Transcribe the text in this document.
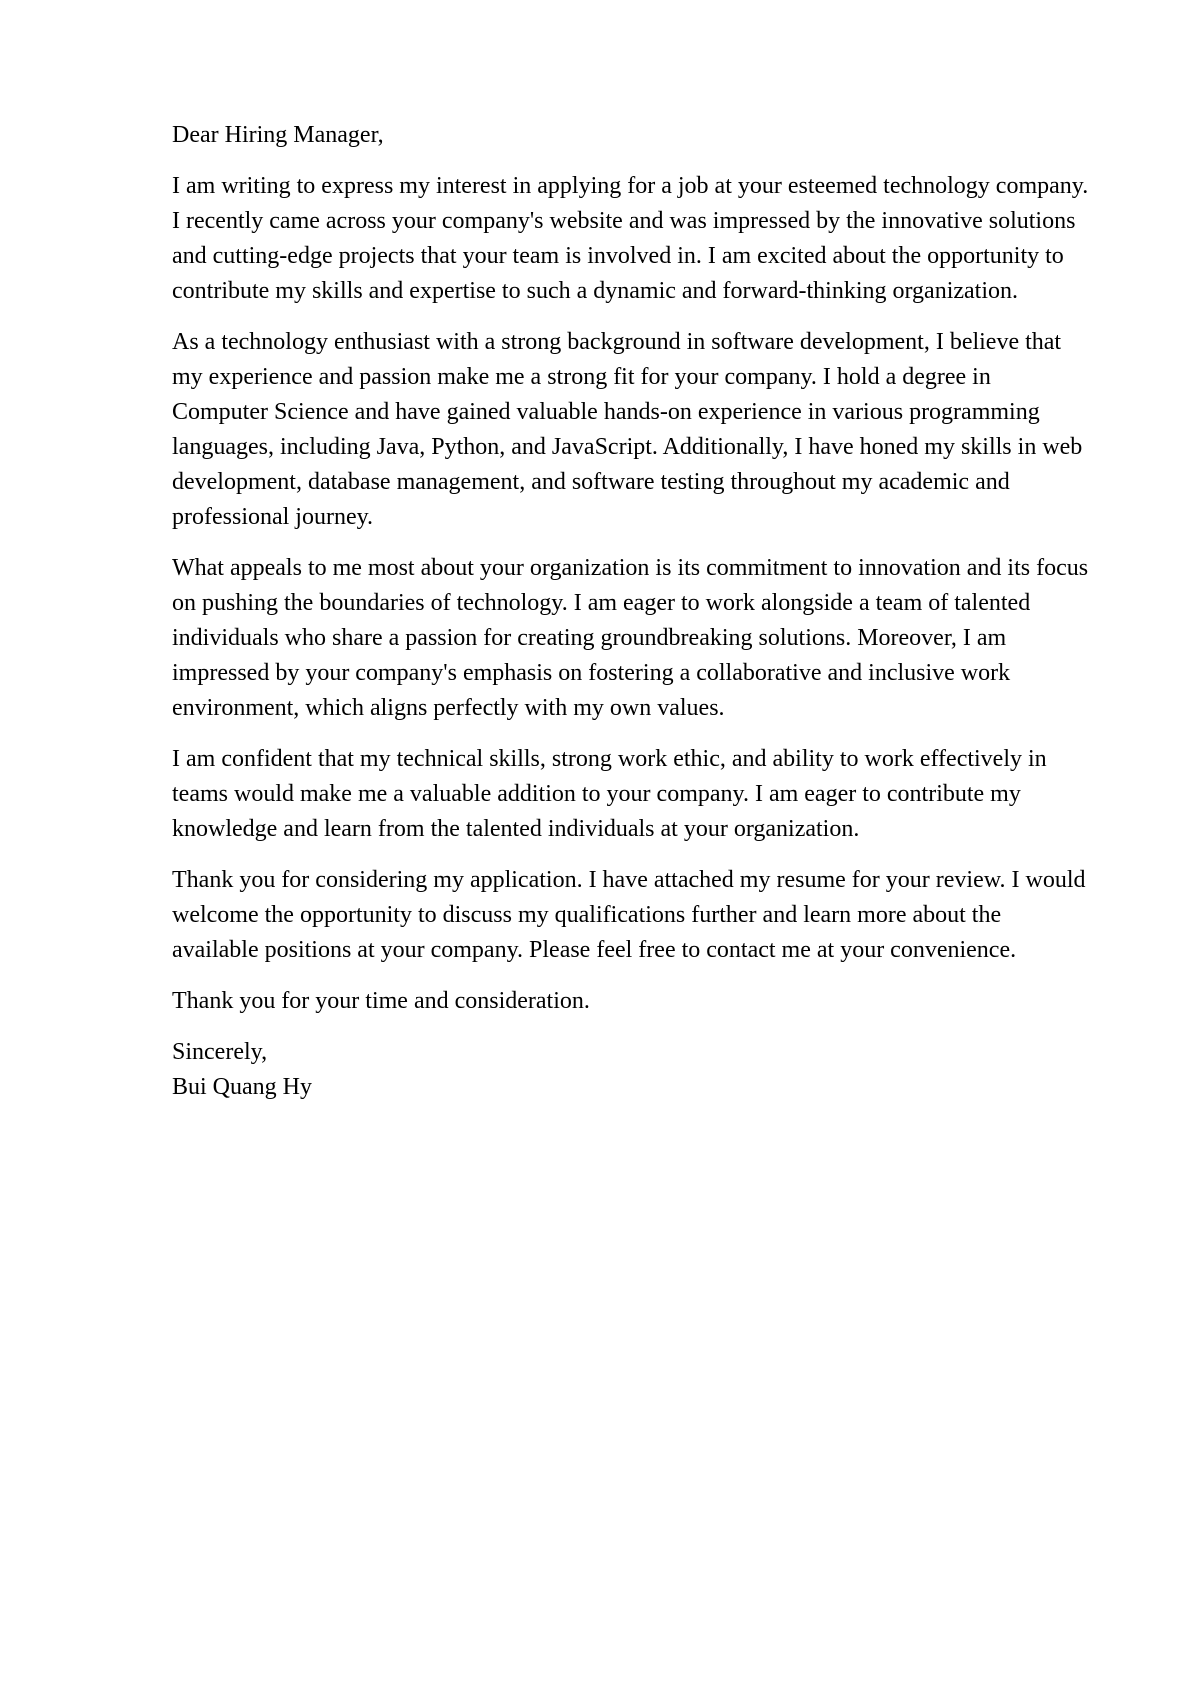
Dear Hiring Manager,

I am writing to express my interest in applying for a job at your esteemed technology company. I recently came across your company's website and was impressed by the innovative solutions and cutting-edge projects that your team is involved in. I am excited about the opportunity to contribute my skills and expertise to such a dynamic and forward-thinking organization.

As a technology enthusiast with a strong background in software development, I believe that my experience and passion make me a strong fit for your company. I hold a degree in Computer Science and have gained valuable hands-on experience in various programming languages, including Java, Python, and JavaScript. Additionally, I have honed my skills in web development, database management, and software testing throughout my academic and professional journey.

What appeals to me most about your organization is its commitment to innovation and its focus on pushing the boundaries of technology. I am eager to work alongside a team of talented individuals who share a passion for creating groundbreaking solutions. Moreover, I am impressed by your company's emphasis on fostering a collaborative and inclusive work environment, which aligns perfectly with my own values.

I am confident that my technical skills, strong work ethic, and ability to work effectively in teams would make me a valuable addition to your company. I am eager to contribute my knowledge and learn from the talented individuals at your organization.

Thank you for considering my application. I have attached my resume for your review. I would welcome the opportunity to discuss my qualifications further and learn more about the available positions at your company. Please feel free to contact me at your convenience.

Thank you for your time and consideration.

Sincerely,
Bui Quang Hy
